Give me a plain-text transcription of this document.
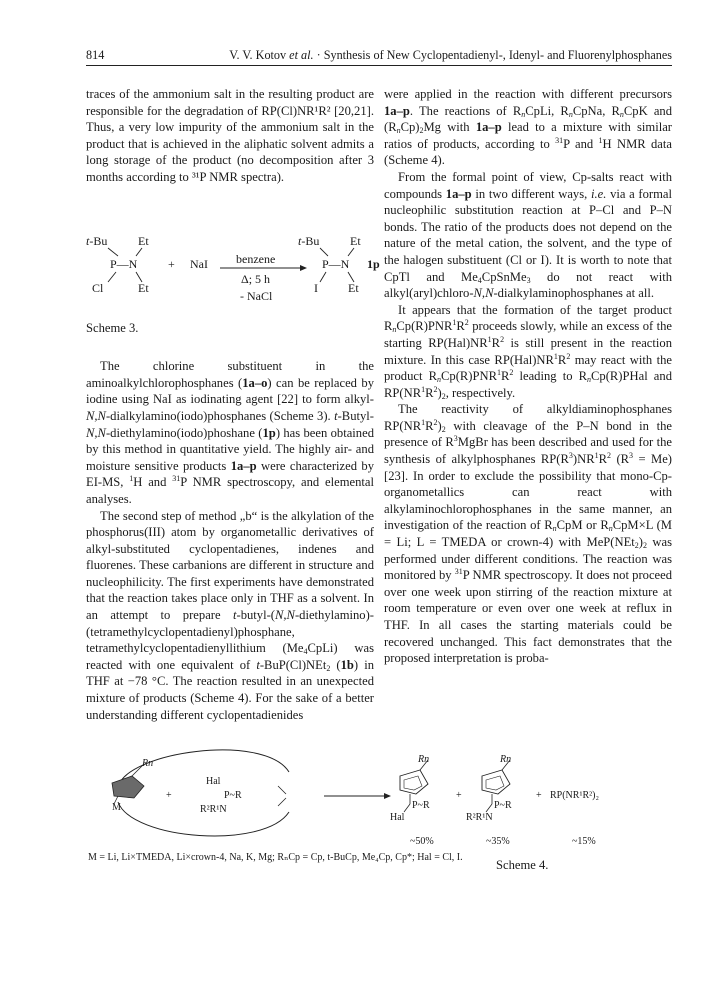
814	V. V. Kotov et al. · Synthesis of New Cyclopentadienyl-, Idenyl- and Fluorenylphosphanes

traces of the ammonium salt in the resulting product are responsible for the degradation of RP(Cl)NR¹R² [20,21]. Thus, a very low impurity of the ammonium salt in the product that is achieved in the aliphatic solvent admits a long storage of the product (no decomposition after 3 months according to ³¹P NMR spectra).

t-Bu	Et
P—N
Cl	Et
+ NaI benzene
Δ; 5 h
- NaCl
t-Bu	Et
P—N
I	Et
1p

Scheme 3.

The chlorine substituent in the aminoalkylchlorophosphanes (1a–o) can be replaced by iodine using NaI as iodinating agent [22] to form alkyl-N,N-dialkylamino(iodo)phosphanes (Scheme 3). t-Butyl-N,N-diethylamino(iodo)phoshane (1p) has been obtained by this method in quantitative yield. The highly air- and moisture sensitive products 1a–p were characterized by EI-MS, $^1$H and $^{31}$P NMR spectroscopy, and elemental analyses.

The second step of method „b“ is the alkylation of the phosphorus(III) atom by organometallic derivatives of alkyl-substituted cyclopentadienes, indenes and fluorenes. These carbanions are different in structure and nucleophilicity. The first experiments have demonstrated that the reaction takes place only in THF as a solvent. In an attempt to prepare t-butyl-(N,N-diethylamino)-(tetramethylcyclopentadienyl)phosphane, tetramethylcyclopentadienyllithium $(Me_4CpLi)$ was reacted with one equivalent of t-BuP(Cl)NEt$_2$ (1b) in THF at −78 °C. The reaction resulted in an unexpected mixture of products (Scheme 4). For the sake of a better understanding different cyclopentadienides

were applied in the reaction with different precursors 1a–p. The reactions of $R_nCpLi$, $R_nCpNa$, $R_nCpK$ and $(R_nCp)_2Mg$ with 1a–p lead to a mixture with similar ratios of products, according to $^{31}$P and $^1$H NMR data (Scheme 4).

From the formal point of view, Cp-salts react with compounds 1a–p in two different ways, i.e. via a formal nucleophilic substitution reaction at P–Cl and P–N bonds. The ratio of the products does not depend on the nature of the metal cation, the solvent, and the type of the halogen substituent (Cl or I). It is worth to note that CpTl and $Me_4CpSnMe_3$ do not react with alkyl(aryl)chloro-N,N-dialkylaminophosphanes at all.

It appears that the formation of the target product $R_nCp(R)PNR^1R^2$ proceeds slowly, while an excess of the starting $RP(Hal)NR^1R^2$ is still present in the reaction mixture. In this case $RP(Hal)NR^1R^2$ may react with the product $R_nCp(R)PNR^1R^2$ leading to $R_nCp(R)PHal$ and $RP(NR^1R^2)_2$, respectively.

The reactivity of alkyldiaminophosphanes $RP(NR^1R^2)_2$ with cleavage of the P–N bond in the presence of $R^3MgBr$ has been described and used for the synthesis of alkylphosphanes $RP(R^3)NR^1R^2$ $(R^3 = Me)$ [23]. In order to exclude the possibility that mono-Cp-organometallics can react with alkylaminochlorophosphanes in the same manner, an investigation of the reaction of $R_nCpM$ or $R_nCpM\times L$ (M = Li; L = TMEDA or crown-4) with $MeP(NEt_2)_2$ was performed under different conditions. The reaction was monitored by $^{31}$P NMR spectroscopy. It does not proceed over one week upon stirring of the reaction mixture at room temperature or even over one week at reflux in THF. In all cases the starting materials could be recovered unchanged. This fact demonstrates that the proposed interpretation is proba-

Rn
M
+
Hal
P~R
R²R¹N
Rn
P~R
Hal
+
Rn
P~R
R²R¹N
+ RP(NR¹R²)₂
~50%	~35%	~15%
M = Li, Li×TMEDA, Li×crown-4, Na, K, Mg; RₙCp = Cp, t-BuCp, Me₄Cp, Cp*; Hal = Cl, I.
Scheme 4.
